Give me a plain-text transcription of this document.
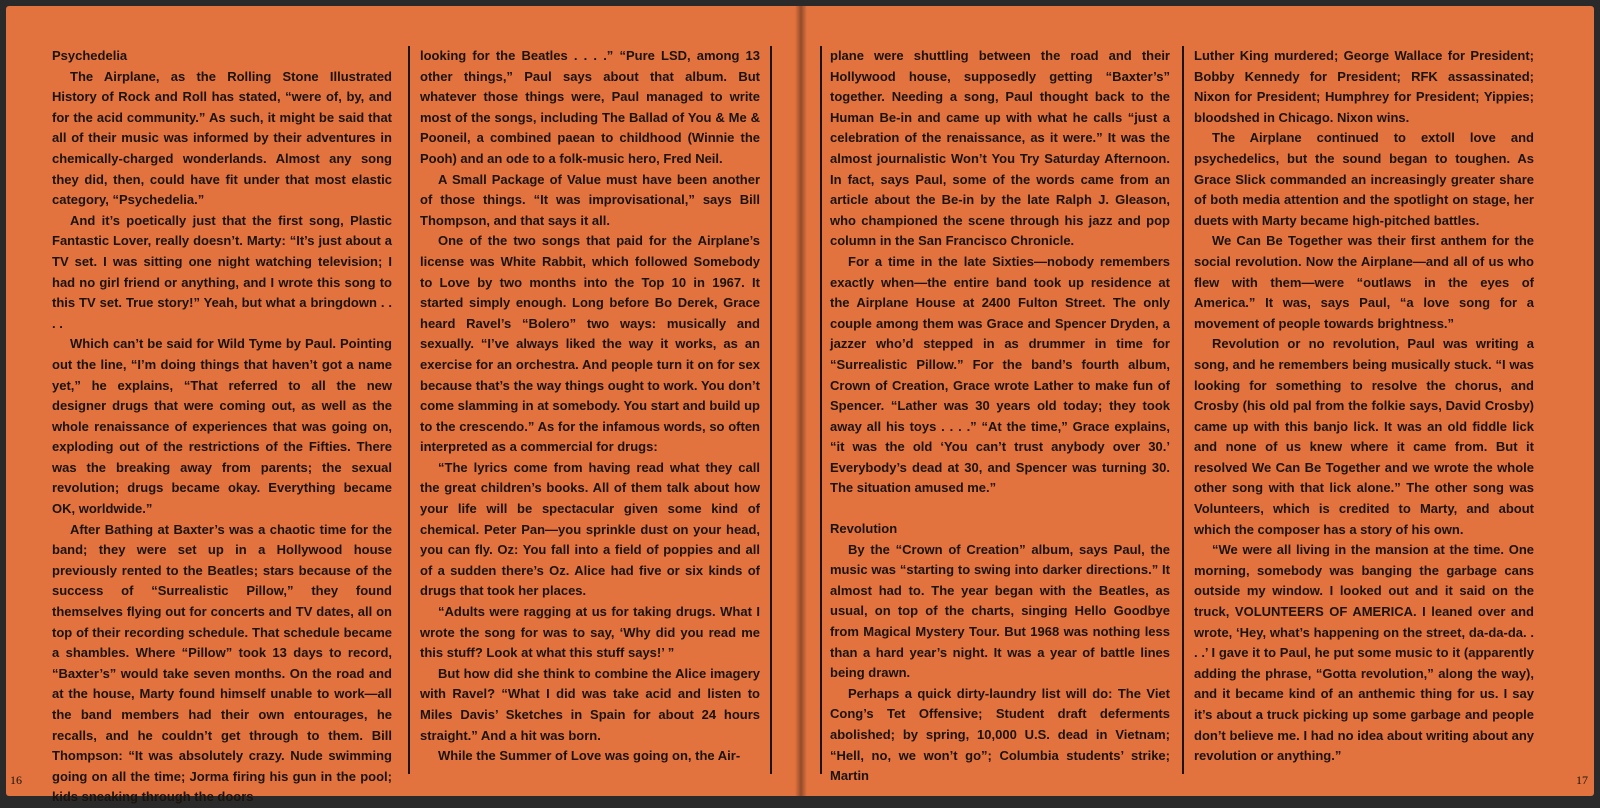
Psychedelia

The Airplane, as the Rolling Stone Illustrated History of Rock and Roll has stated, “were of, by, and for the acid community.” As such, it might be said that all of their music was informed by their adventures in chemically-charged wonderlands. Almost any song they did, then, could have fit under that most elastic category, “Psychedelia.”

And it’s poetically just that the first song, Plastic Fantastic Lover, really doesn’t. Marty: “It’s just about a TV set. I was sitting one night watching television; I had no girl friend or anything, and I wrote this song to this TV set. True story!” Yeah, but what a bringdown . . . .

Which can’t be said for Wild Tyme by Paul. Pointing out the line, “I’m doing things that haven’t got a name yet,” he explains, “That referred to all the new designer drugs that were coming out, as well as the whole renaissance of experiences that was going on, exploding out of the restrictions of the Fifties. There was the breaking away from parents; the sexual revolution; drugs became okay. Everything became OK, worldwide.”

After Bathing at Baxter’s was a chaotic time for the band; they were set up in a Hollywood house previously rented to the Beatles; stars because of the success of “Surrealistic Pillow,” they found themselves flying out for concerts and TV dates, all on top of their recording schedule. That schedule became a shambles. Where “Pillow” took 13 days to record, “Baxter’s” would take seven months. On the road and at the house, Marty found himself unable to work—all the band members had their own entourages, he recalls, and he couldn’t get through to them. Bill Thompson: “It was absolutely crazy. Nude swimming going on all the time; Jorma firing his gun in the pool; kids sneaking through the doors

looking for the Beatles . . . .” “Pure LSD, among 13 other things,” Paul says about that album. But whatever those things were, Paul managed to write most of the songs, including The Ballad of You & Me & Pooneil, a combined paean to childhood (Winnie the Pooh) and an ode to a folk-music hero, Fred Neil.

A Small Package of Value must have been another of those things. “It was improvisational,” says Bill Thompson, and that says it all.

One of the two songs that paid for the Airplane’s license was White Rabbit, which followed Somebody to Love by two months into the Top 10 in 1967. It started simply enough. Long before Bo Derek, Grace heard Ravel’s “Bolero” two ways: musically and sexually. “I’ve always liked the way it works, as an exercise for an orchestra. And people turn it on for sex because that’s the way things ought to work. You don’t come slamming in at somebody. You start and build up to the crescendo.” As for the infamous words, so often interpreted as a commercial for drugs:

“The lyrics come from having read what they call the great children’s books. All of them talk about how your life will be spectacular given some kind of chemical. Peter Pan—you sprinkle dust on your head, you can fly. Oz: You fall into a field of poppies and all of a sudden there’s Oz. Alice had five or six kinds of drugs that took her places.

“Adults were ragging at us for taking drugs. What I wrote the song for was to say, ‘Why did you read me this stuff? Look at what this stuff says!’ ”

But how did she think to combine the Alice imagery with Ravel? “What I did was take acid and listen to Miles Davis’ Sketches in Spain for about 24 hours straight.” And a hit was born.

While the Summer of Love was going on, the Air-

16

plane were shuttling between the road and their Hollywood house, supposedly getting “Baxter’s” together. Needing a song, Paul thought back to the Human Be-in and came up with what he calls “just a celebration of the renaissance, as it were.” It was the almost journalistic Won’t You Try Saturday Afternoon. In fact, says Paul, some of the words came from an article about the Be-in by the late Ralph J. Gleason, who championed the scene through his jazz and pop column in the San Francisco Chronicle.

For a time in the late Sixties—nobody remembers exactly when—the entire band took up residence at the Airplane House at 2400 Fulton Street. The only couple among them was Grace and Spencer Dryden, a jazzer who’d stepped in as drummer in time for “Surrealistic Pillow.” For the band’s fourth album, Crown of Creation, Grace wrote Lather to make fun of Spencer. “Lather was 30 years old today; they took away all his toys . . . .” “At the time,” Grace explains, “it was the old ‘You can’t trust anybody over 30.’ Everybody’s dead at 30, and Spencer was turning 30. The situation amused me.”

Revolution

By the “Crown of Creation” album, says Paul, the music was “starting to swing into darker directions.” It almost had to. The year began with the Beatles, as usual, on top of the charts, singing Hello Goodbye from Magical Mystery Tour. But 1968 was nothing less than a hard year’s night. It was a year of battle lines being drawn.

Perhaps a quick dirty-laundry list will do: The Viet Cong’s Tet Offensive; Student draft deferments abolished; by spring, 10,000 U.S. dead in Vietnam; “Hell, no, we won’t go”; Columbia students’ strike; Martin

Luther King murdered; George Wallace for President; Bobby Kennedy for President; RFK assassinated; Nixon for President; Humphrey for President; Yippies; bloodshed in Chicago. Nixon wins.

The Airplane continued to extoll love and psychedelics, but the sound began to toughen. As Grace Slick commanded an increasingly greater share of both media attention and the spotlight on stage, her duets with Marty became high-pitched battles.

We Can Be Together was their first anthem for the social revolution. Now the Airplane—and all of us who flew with them—were “outlaws in the eyes of America.” It was, says Paul, “a love song for a movement of people towards brightness.”

Revolution or no revolution, Paul was writing a song, and he remembers being musically stuck. “I was looking for something to resolve the chorus, and Crosby (his old pal from the folkie says, David Crosby) came up with this banjo lick. It was an old fiddle lick and none of us knew where it came from. But it resolved We Can Be Together and we wrote the whole other song with that lick alone.” The other song was Volunteers, which is credited to Marty, and about which the composer has a story of his own.

“We were all living in the mansion at the time. One morning, somebody was banging the garbage cans outside my window. I looked out and it said on the truck, VOLUNTEERS OF AMERICA. I leaned over and wrote, ‘Hey, what’s happening on the street, da-da-da. . . .’ I gave it to Paul, he put some music to it (apparently adding the phrase, “Gotta revolution,” along the way), and it became kind of an anthemic thing for us. I say it’s about a truck picking up some garbage and people don’t believe me. I had no idea about writing about any revolution or anything.”

17
